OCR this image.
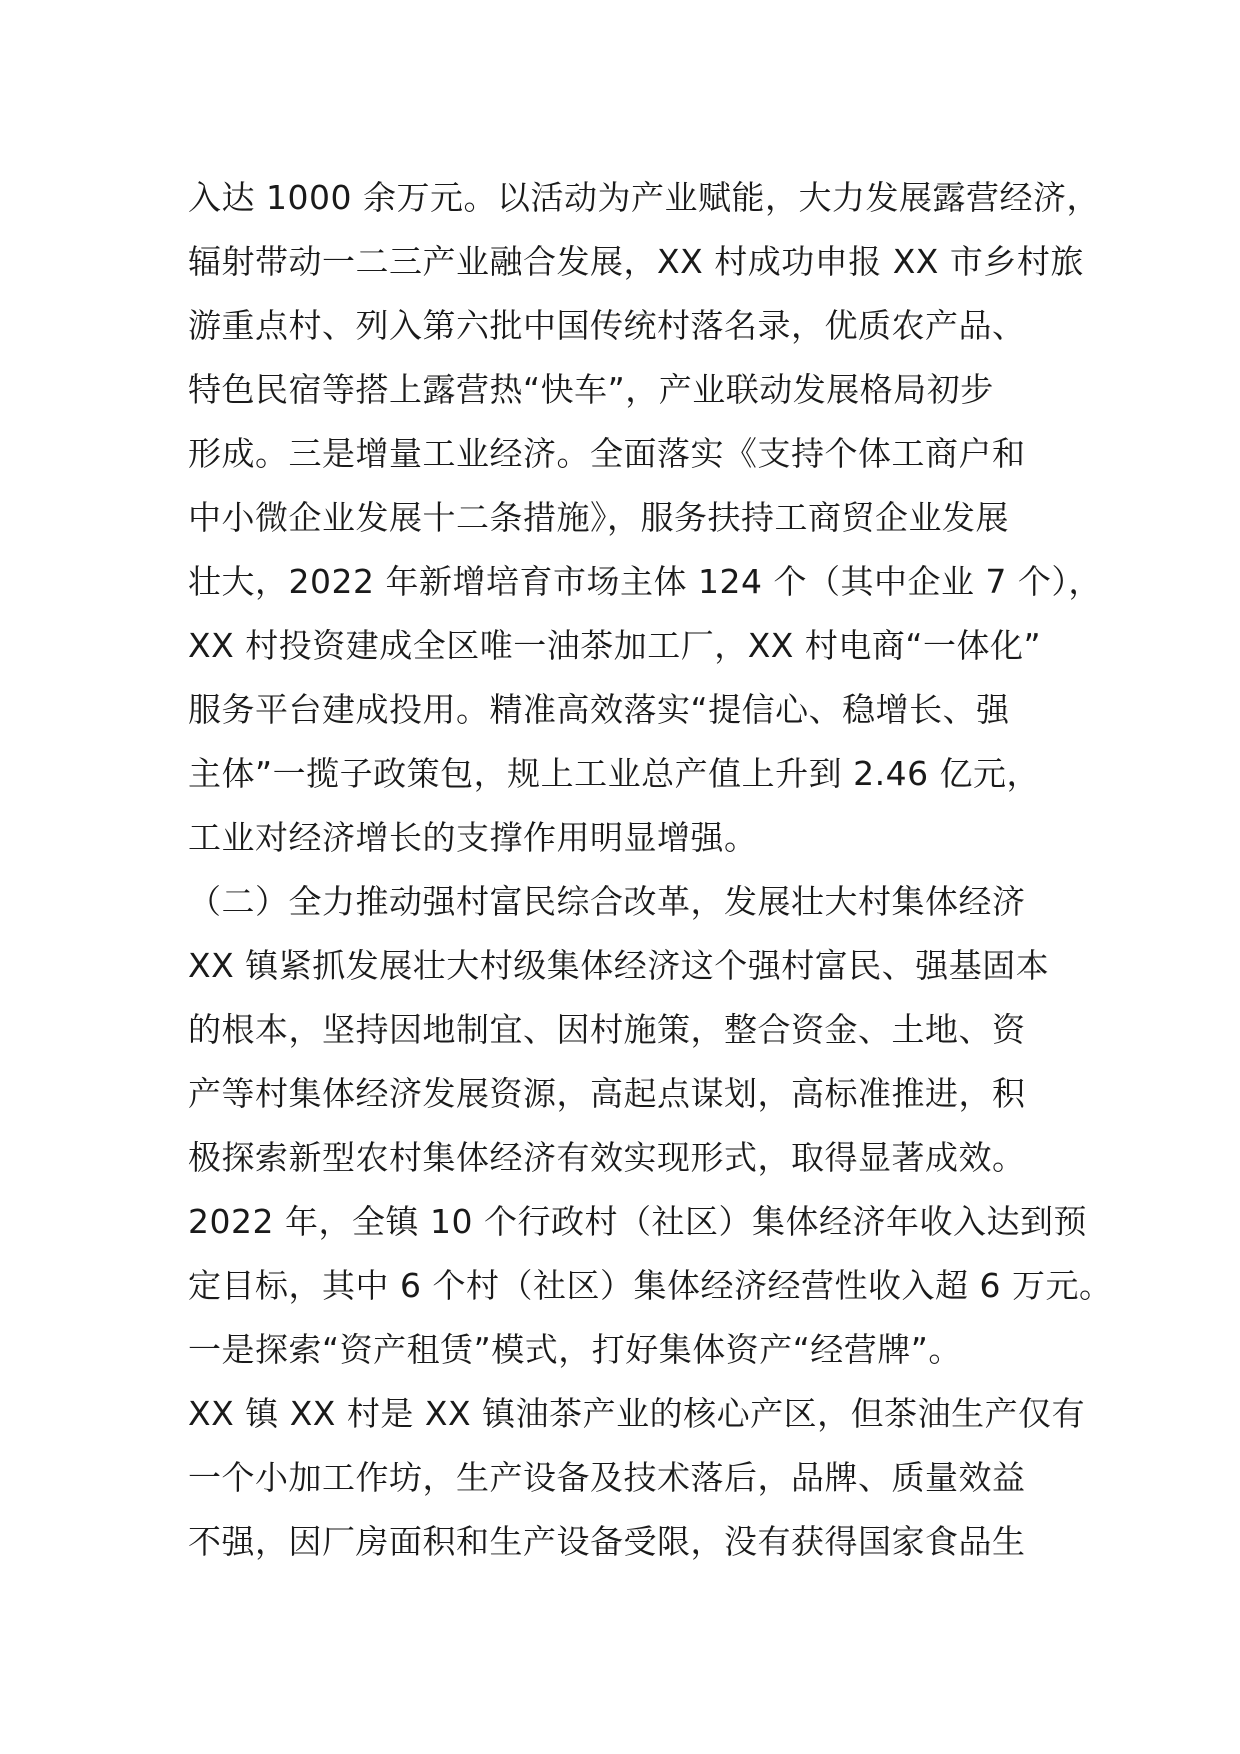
入达 1000 余万元。以活动为产业赋能，大力发展露营经济，
辐射带动一二三产业融合发展，XX 村成功申报 XX 市乡村旅
游重点村、列入第六批中国传统村落名录，优质农产品、
特色民宿等搭上露营热“快车”，产业联动发展格局初步
形成。三是增量工业经济。全面落实《支持个体工商户和
中小微企业发展十二条措施》，服务扶持工商贸企业发展
壮大，2022 年新增培育市场主体 124 个（其中企业 7 个），
XX 村投资建成全区唯一油茶加工厂，XX 村电商“一体化”
服务平台建成投用。精准高效落实“提信心、稳增长、强
主体”一揽子政策包，规上工业总产值上升到 2.46 亿元，
工业对经济增长的支撑作用明显增强。
（二）全力推动强村富民综合改革，发展壮大村集体经济
XX 镇紧抓发展壮大村级集体经济这个强村富民、强基固本
的根本，坚持因地制宜、因村施策，整合资金、土地、资
产等村集体经济发展资源，高起点谋划，高标准推进，积
极探索新型农村集体经济有效实现形式，取得显著成效。
2022 年，全镇 10 个行政村（社区）集体经济年收入达到预
定目标，其中 6 个村（社区）集体经济经营性收入超 6 万元。
一是探索“资产租赁”模式，打好集体资产“经营牌”。
XX 镇 XX 村是 XX 镇油茶产业的核心产区，但茶油生产仅有
一个小加工作坊，生产设备及技术落后，品牌、质量效益
不强，因厂房面积和生产设备受限，没有获得国家食品生
